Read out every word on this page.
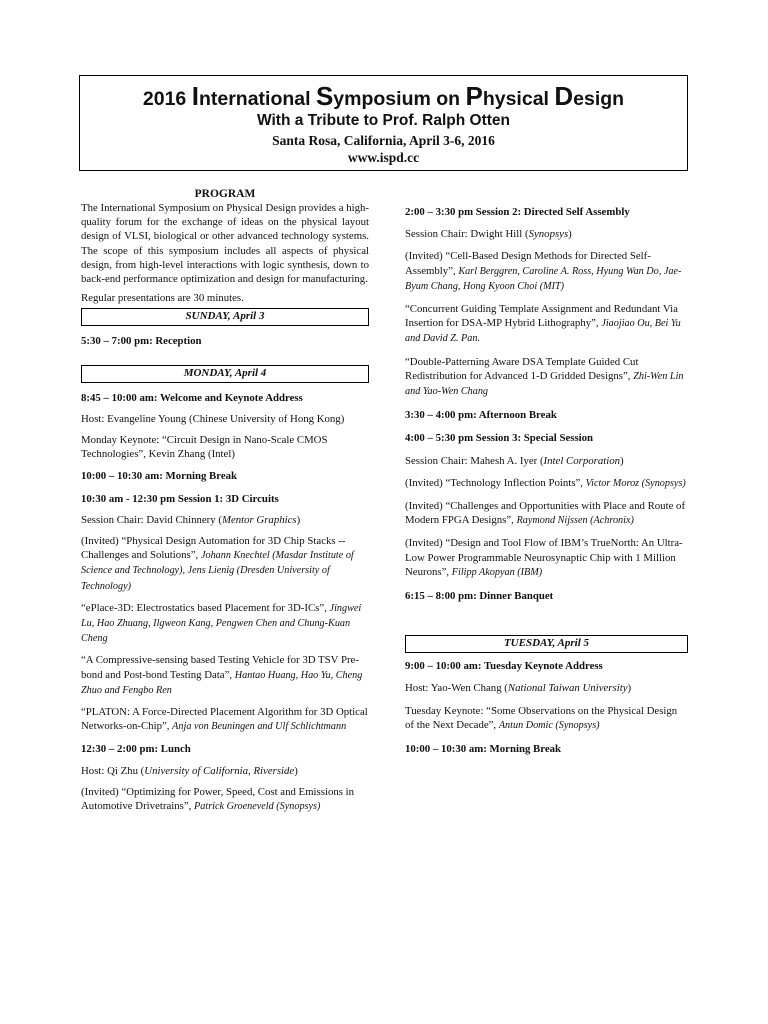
2016 International Symposium on Physical Design
With a Tribute to Prof. Ralph Otten
Santa Rosa, California, April 3-6, 2016
www.ispd.cc
PROGRAM

The International Symposium on Physical Design provides a high-quality forum for the exchange of ideas on the physical layout design of VLSI, biological or other advanced technology systems. The scope of this symposium includes all aspects of physical design, from high-level interactions with logic synthesis, down to back-end performance optimization and design for manufacturing.

Regular presentations are 30 minutes.

SUNDAY, April 3

5:30 – 7:00 pm: Reception

MONDAY, April 4

8:45 – 10:00 am: Welcome and Keynote Address

Host: Evangeline Young (Chinese University of Hong Kong)

Monday Keynote: “Circuit Design in Nano-Scale CMOS Technologies”, Kevin Zhang (Intel)

10:00 – 10:30 am: Morning Break

10:30 am - 12:30 pm Session 1: 3D Circuits

Session Chair: David Chinnery (Mentor Graphics)

(Invited) “Physical Design Automation for 3D Chip Stacks -- Challenges and Solutions”, Johann Knechtel (Masdar Institute of Science and Technology), Jens Lienig (Dresden University of Technology)

“ePlace-3D: Electrostatics based Placement for 3D-ICs”, Jingwei Lu, Hao Zhuang, Ilgweon Kang, Pengwen Chen and Chung-Kuan Cheng

“A Compressive-sensing based Testing Vehicle for 3D TSV Pre-bond and Post-bond Testing Data”, Hantao Huang, Hao Yu, Cheng Zhuo and Fengbo Ren

“PLATON: A Force-Directed Placement Algorithm for 3D Optical Networks-on-Chip”, Anja von Beuningen and Ulf Schlichtmann

12:30 – 2:00 pm: Lunch

Host: Qi Zhu (University of California, Riverside)

(Invited) “Optimizing for Power, Speed, Cost and Emissions in Automotive Drivetrains”, Patrick Groeneveld (Synopsys)

2:00 – 3:30 pm Session 2: Directed Self Assembly

Session Chair: Dwight Hill (Synopsys)

(Invited) “Cell-Based Design Methods for Directed Self-Assembly”, Karl Berggren, Caroline A. Ross, Hyung Wan Do, Jae-Byum Chang, Hong Kyoon Choi (MIT)

“Concurrent Guiding Template Assignment and Redundant Via Insertion for DSA-MP Hybrid Lithography”, Jiaojiao Ou, Bei Yu and David Z. Pan.

“Double-Patterning Aware DSA Template Guided Cut Redistribution for Advanced 1-D Gridded Designs”, Zhi-Wen Lin and Yao-Wen Chang

3:30 – 4:00 pm: Afternoon Break

4:00 – 5:30 pm Session 3: Special Session

Session Chair: Mahesh A. Iyer (Intel Corporation)

(Invited) “Technology Inflection Points”, Victor Moroz (Synopsys)

(Invited) “Challenges and Opportunities with Place and Route of Modern FPGA Designs”, Raymond Nijssen (Achronix)

(Invited) “Design and Tool Flow of IBM’s TrueNorth: An Ultra-Low Power Programmable Neurosynaptic Chip with 1 Million Neurons”, Filipp Akopyan (IBM)

6:15 – 8:00 pm: Dinner Banquet

TUESDAY, April 5

9:00 – 10:00 am: Tuesday Keynote Address

Host: Yao-Wen Chang (National Taiwan University)

Tuesday Keynote: “Some Observations on the Physical Design of the Next Decade”, Antun Domic (Synopsys)

10:00 – 10:30 am: Morning Break
